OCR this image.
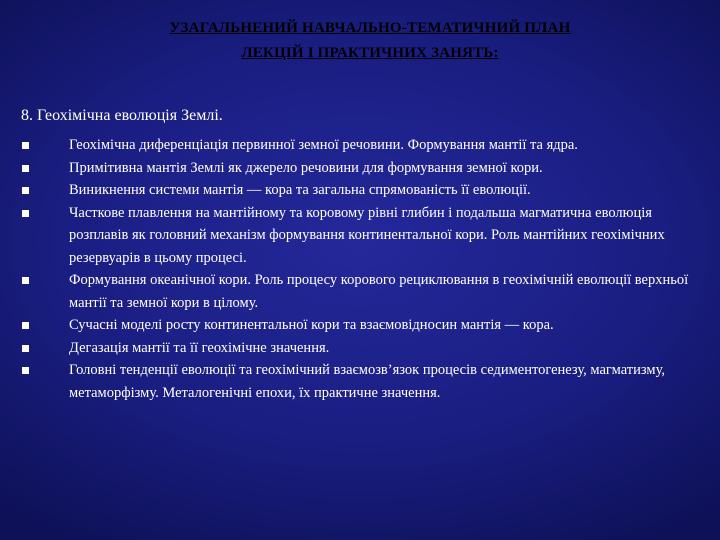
УЗАГАЛЬНЕНИЙ НАВЧАЛЬНО-ТЕМАТИЧНИЙ ПЛАН
ЛЕКЦІЙ І ПРАКТИЧНИХ ЗАНЯТЬ:
8. Геохімічна еволюція Землі.
Геохімічна диференціація первинної земної речовини. Формування мантії та ядра.
Примітивна мантія Землі як джерело речовини для формування земної кори.
Виникнення системи мантія — кора та загальна спрямованість її еволюції.
Часткове плавлення на мантійному та коровому рівні глибин і подальша магматична еволюція розплавів як головний механізм формування континентальної кори. Роль мантійних геохімічних резервуарів в цьому процесі.
Формування океанічної кори. Роль процесу корового рециклювання в геохімічній еволюції верхньої мантії та земної кори в цілому.
Сучасні моделі росту континентальної кори та взаємовідносин мантія — кора.
Дегазація мантії та її геохімічне значення.
Головні тенденції еволюції та геохімічний взаємозв’язок процесів седиментогенезу, магматизму, метаморфізму. Металогенічні епохи, їх практичне значення.
